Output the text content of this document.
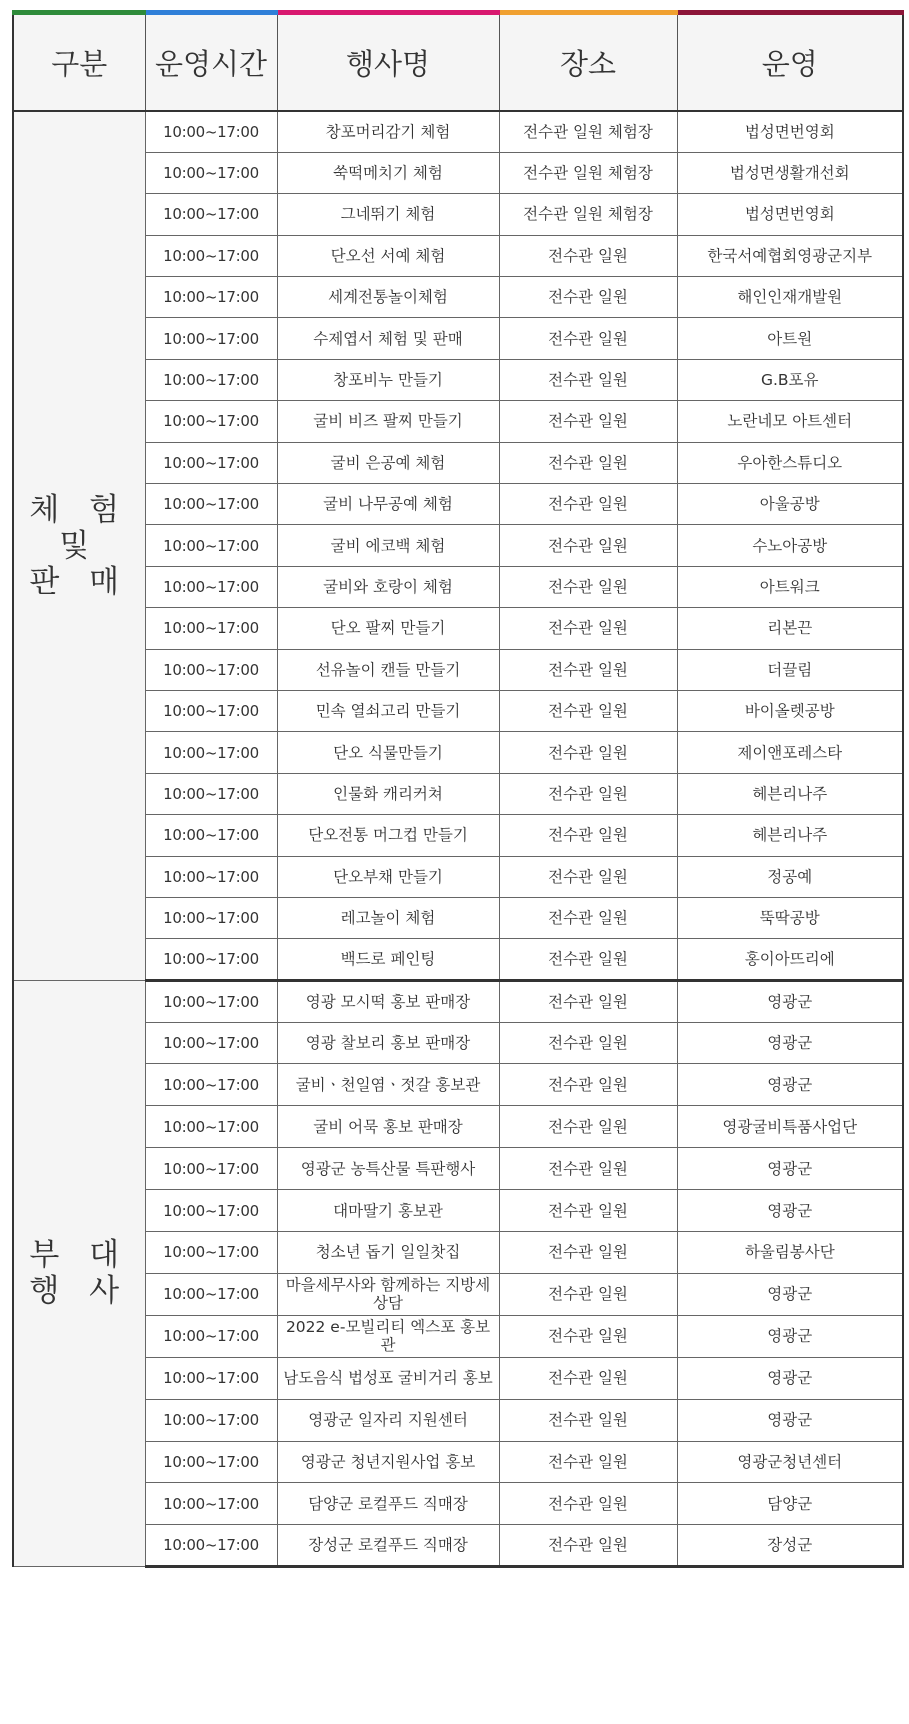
구분	운영시간	행사명	장소	운영
체 험
및
판 매	10:00~17:00	창포머리감기 체험	전수관 일원 체험장	법성면번영회
	10:00~17:00	쑥떡메치기 체험	전수관 일원 체험장	법성면생활개선회
	10:00~17:00	그네뛰기 체험	전수관 일원 체험장	법성면번영회
	10:00~17:00	단오선 서예 체험	전수관 일원	한국서예협회영광군지부
	10:00~17:00	세계전통놀이체험	전수관 일원	해인인재개발원
	10:00~17:00	수제엽서 체험 및 판매	전수관 일원	아트원
	10:00~17:00	창포비누 만들기	전수관 일원	G.B포유
	10:00~17:00	굴비 비즈 팔찌 만들기	전수관 일원	노란네모 아트센터
	10:00~17:00	굴비 은공예 체험	전수관 일원	우아한스튜디오
	10:00~17:00	굴비 나무공예 체험	전수관 일원	아울공방
	10:00~17:00	굴비 에코백 체험	전수관 일원	수노아공방
	10:00~17:00	굴비와 호랑이 체험	전수관 일원	아트워크
	10:00~17:00	단오 팔찌 만들기	전수관 일원	리본끈
	10:00~17:00	선유놀이 캔들 만들기	전수관 일원	더끌림
	10:00~17:00	민속 열쇠고리 만들기	전수관 일원	바이올렛공방
	10:00~17:00	단오 식물만들기	전수관 일원	제이앤포레스타
	10:00~17:00	인물화 캐리커쳐	전수관 일원	헤븐리나주
	10:00~17:00	단오전통 머그컵 만들기	전수관 일원	헤븐리나주
	10:00~17:00	단오부채 만들기	전수관 일원	정공예
	10:00~17:00	레고놀이 체험	전수관 일원	뚝딱공방
	10:00~17:00	백드로 페인팅	전수관 일원	홍이아뜨리에
부 대
행 사	10:00~17:00	영광 모시떡 홍보 판매장	전수관 일원	영광군
	10:00~17:00	영광 찰보리 홍보 판매장	전수관 일원	영광군
	10:00~17:00	굴비ㆍ천일염ㆍ젓갈 홍보관	전수관 일원	영광군
	10:00~17:00	굴비 어묵 홍보 판매장	전수관 일원	영광굴비특품사업단
	10:00~17:00	영광군 농특산물 특판행사	전수관 일원	영광군
	10:00~17:00	대마딸기 홍보관	전수관 일원	영광군
	10:00~17:00	청소년 돕기 일일찻집	전수관 일원	하울림봉사단
	10:00~17:00	마을세무사와 함께하는 지방세 상담	전수관 일원	영광군
	10:00~17:00	2022 e-모빌리티 엑스포 홍보관	전수관 일원	영광군
	10:00~17:00	남도음식 법성포 굴비거리 홍보	전수관 일원	영광군
	10:00~17:00	영광군 일자리 지원센터	전수관 일원	영광군
	10:00~17:00	영광군 청년지원사업 홍보	전수관 일원	영광군청년센터
	10:00~17:00	담양군 로컬푸드 직매장	전수관 일원	담양군
	10:00~17:00	장성군 로컬푸드 직매장	전수관 일원	장성군
